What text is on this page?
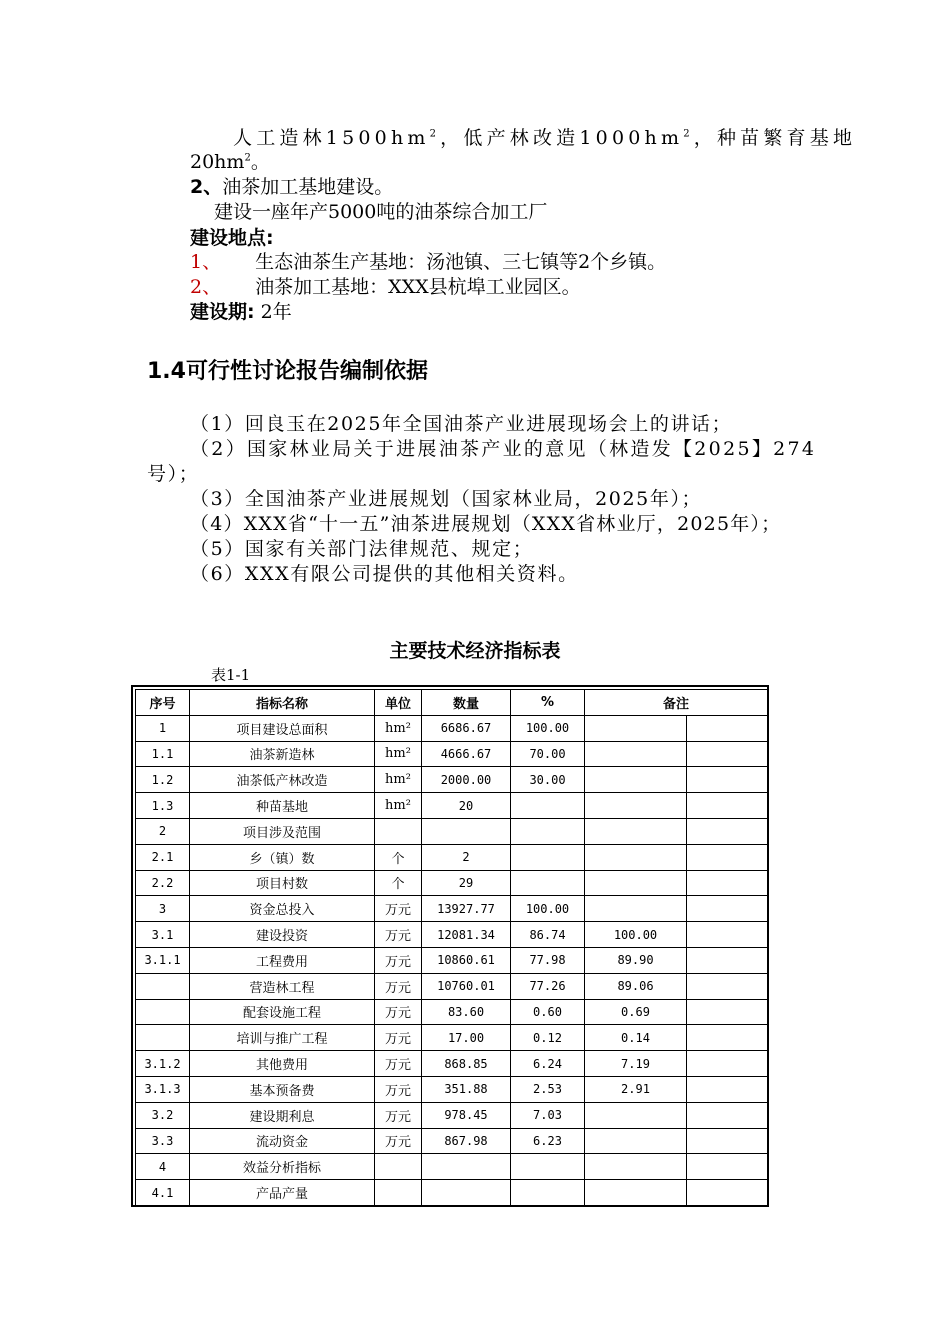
人工造林$1500hm^2$，低产林改造$1000hm^2$，种苗繁育基地
$20hm^2$。
2、油茶加工基地建设。
建设一座年产5000吨的油茶综合加工厂
建设地点:
1、 生态油茶生产基地：汤池镇、三七镇等2个乡镇。
2、 油茶加工基地：XXX县杭埠工业园区。
建设期: 2年
1.4可行性讨论报告编制依据
（1）回良玉在2025年全国油茶产业进展现场会上的讲话；
（2）国家林业局关于进展油茶产业的意见（林造发【2025】274
号）；
（3）全国油茶产业进展规划（国家林业局，2025年）；
（4）XXX省“十一五”油茶进展规划（XXX省林业厅，2025年）；
（5）国家有关部门法律规范、规定；
（6）XXX有限公司提供的其他相关资料。
主要技术经济指标表
表1-1
序号	指标名称	单位	数量	%	备注	
1	项目建设总面积	hm²	6686.67	100.00		
1.1	油茶新造林	hm²	4666.67	70.00		
1.2	油茶低产林改造	hm²	2000.00	30.00		
1.3	种苗基地	hm²	20			
2	项目涉及范围					
2.1	乡（镇）数	个	2			
2.2	项目村数	个	29			
3	资金总投入	万元	13927.77	100.00		
3.1	建设投资	万元	12081.34	86.74	100.00	
3.1.1	工程费用	万元	10860.61	77.98	89.90	
	营造林工程	万元	10760.01	77.26	89.06	
	配套设施工程	万元	83.60	0.60	0.69	
	培训与推广工程	万元	17.00	0.12	0.14	
3.1.2	其他费用	万元	868.85	6.24	7.19	
3.1.3	基本预备费	万元	351.88	2.53	2.91	
3.2	建设期利息	万元	978.45	7.03		
3.3	流动资金	万元	867.98	6.23		
4	效益分析指标					
4.1	产品产量					
